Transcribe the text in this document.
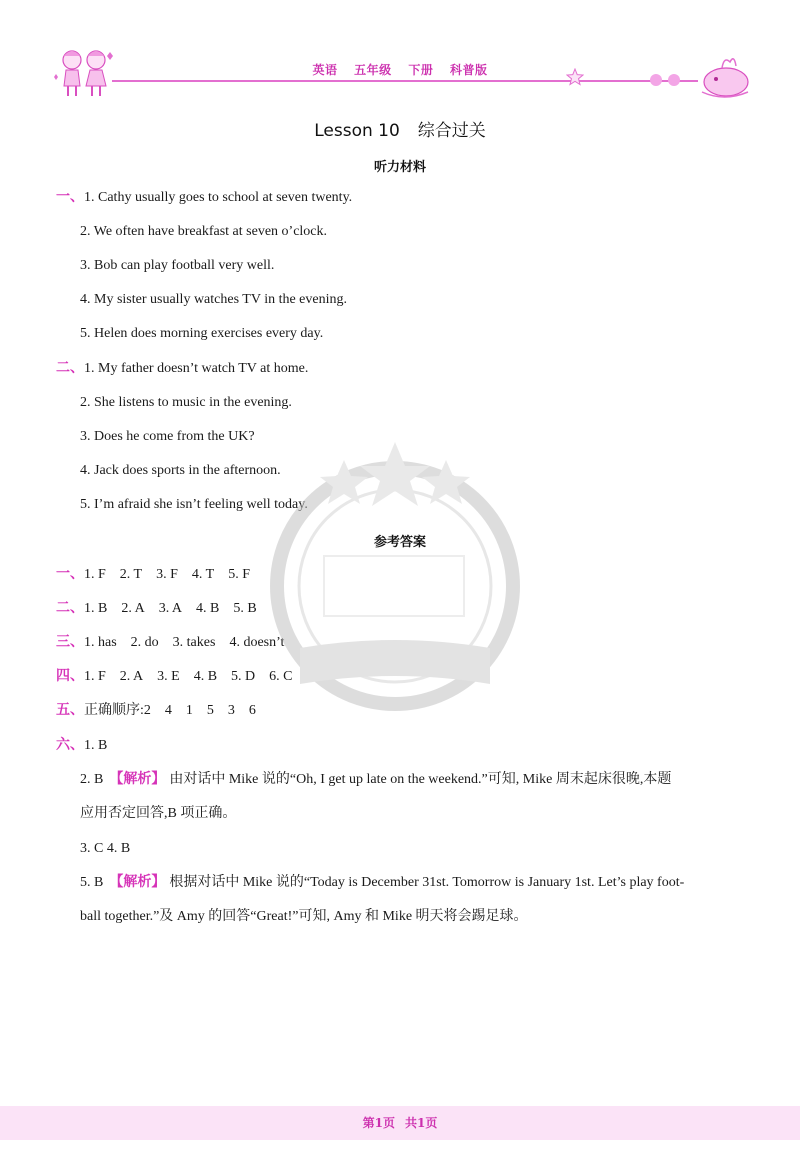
英语 五年级 下册 科普版
Lesson 10 综合过关
听力材料
一、1. Cathy usually goes to school at seven twenty.
2. We often have breakfast at seven o’clock.
3. Bob can play football very well.
4. My sister usually watches TV in the evening.
5. Helen does morning exercises every day.
二、1. My father doesn’t watch TV at home.
2. She listens to music in the evening.
3. Does he come from the UK?
4. Jack does sports in the afternoon.
5. I’m afraid she isn’t feeling well today.
参考答案
一、1. F 2. T 3. F 4. T 5. F
二、1. B 2. A 3. A 4. B 5. B
三、1. has 2. do 3. takes 4. doesn’t
四、1. F 2. A 3. E 4. B 5. D 6. C
五、正确顺序:2 4 1 5 3 6
六、1. B
2. B 【解析】 由对话中 Mike 说的“Oh, I get up late on the weekend.”可知, Mike 周末起床很晚,本题
应用否定回答,B 项正确。
3. C 4. B
5. B 【解析】 根据对话中 Mike 说的“Today is December 31st. Tomorrow is January 1st. Let’s play foot-
ball together.”及 Amy 的回答“Great!”可知, Amy 和 Mike 明天将会踢足球。
第1页 共1页
